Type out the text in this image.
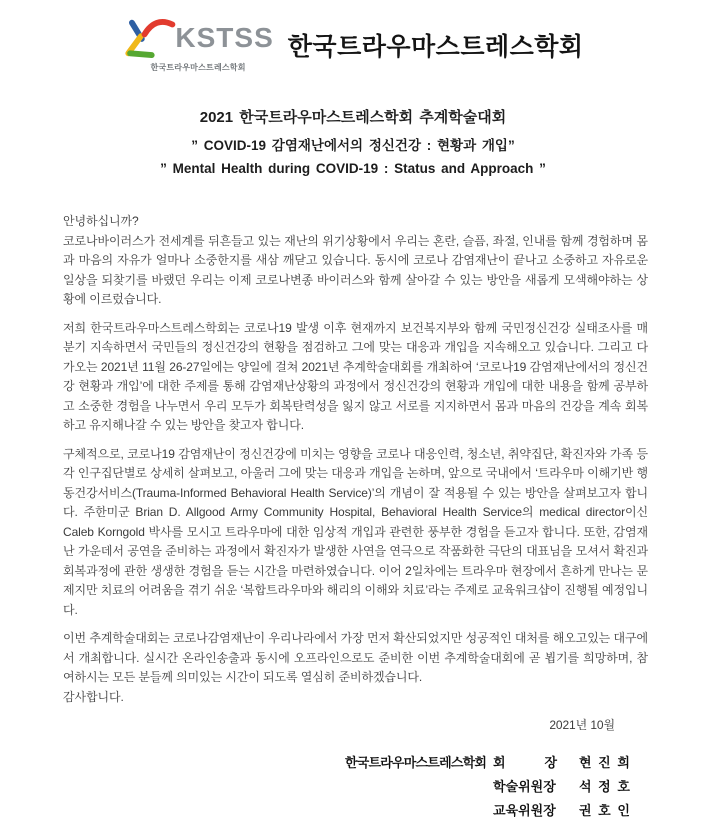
KSTSS
한국트라우마스트레스학회
한국트라우마스트레스학회
2021 한국트라우마스트레스학회 추계학술대회
” COVID-19 감염재난에서의 정신건강 : 현황과 개입”
” Mental Health during COVID-19 : Status and Approach ”

안녕하십니까?

코로나바이러스가 전세계를 뒤흔들고 있는 재난의 위기상황에서 우리는 혼란, 슬픔, 좌절, 인내를 함께 경험하며 몸과 마음의 자유가 얼마나 소중한지를 새삼 깨닫고 있습니다. 동시에 코로나 감염재난이 끝나고 소중하고 자유로운 일상을 되찾기를 바랬던 우리는 이제 코로나변종 바이러스와 함께 살아갈 수 있는 방안을 새롭게 모색해야하는 상황에 이르렀습니다.

저희 한국트라우마스트레스학회는 코로나19 발생 이후 현재까지 보건복지부와 함께 국민정신건강 실태조사를 매 분기 지속하면서 국민들의 정신건강의 현황을 점검하고 그에 맞는 대응과 개입을 지속해오고 있습니다. 그리고 다가오는 2021년 11월 26-27일에는 양일에 걸쳐 2021년 추계학술대회를 개최하여 ‘코로나19 감염재난에서의 정신건강 현황과 개입’에 대한 주제를 통해 감염재난상황의 과정에서 정신건강의 현황과 개입에 대한 내용을 함께 공부하고 소중한 경험을 나누면서 우리 모두가 회복탄력성을 잃지 않고 서로를 지지하면서 몸과 마음의 건강을 계속 회복하고 유지해나갈 수 있는 방안을 찾고자 합니다.

구체적으로, 코로나19 감염재난이 정신건강에 미치는 영향을 코로나 대응인력, 청소년, 취약집단, 확진자와 가족 등 각 인구집단별로 상세히 살펴보고, 아울러 그에 맞는 대응과 개입을 논하며, 앞으로 국내에서 ‘트라우마 이해기반 행동건강서비스(Trauma-Informed Behavioral Health Service)’의 개념이 잘 적용될 수 있는 방안을 살펴보고자 합니다. 주한미군 Brian D. Allgood Army Community Hospital, Behavioral Health Service의 medical director이신 Caleb Korngold 박사를 모시고 트라우마에 대한 임상적 개입과 관련한 풍부한 경험을 듣고자 합니다. 또한, 감염재난 가운데서 공연을 준비하는 과정에서 확진자가 발생한 사연을 연극으로 작품화한 극단의 대표님을 모셔서 확진과 회복과정에 관한 생생한 경험을 듣는 시간을 마련하였습니다. 이어 2일차에는 트라우마 현장에서 흔하게 만나는 문제지만 치료의 어려움을 겪기 쉬운 ‘복합트라우마와 해리의 이해와 치료’라는 주제로 교육워크샵이 진행될 예정입니다.

이번 추계학술대회는 코로나감염재난이 우리나라에서 가장 먼저 확산되었지만 성공적인 대처를 해오고있는 대구에서 개최합니다. 실시간 온라인송출과 동시에 오프라인으로도 준비한 이번 추계학술대회에 곧 뵙기를 희망하며, 참여하시는 모든 분들께 의미있는 시간이 되도록 열심히 준비하겠습니다.

감사합니다.

2021년 10월
한국트라우마스트레스학회 회　　　장	현 진 희
학술위원장	석 정 호
교육위원장	권 호 인
